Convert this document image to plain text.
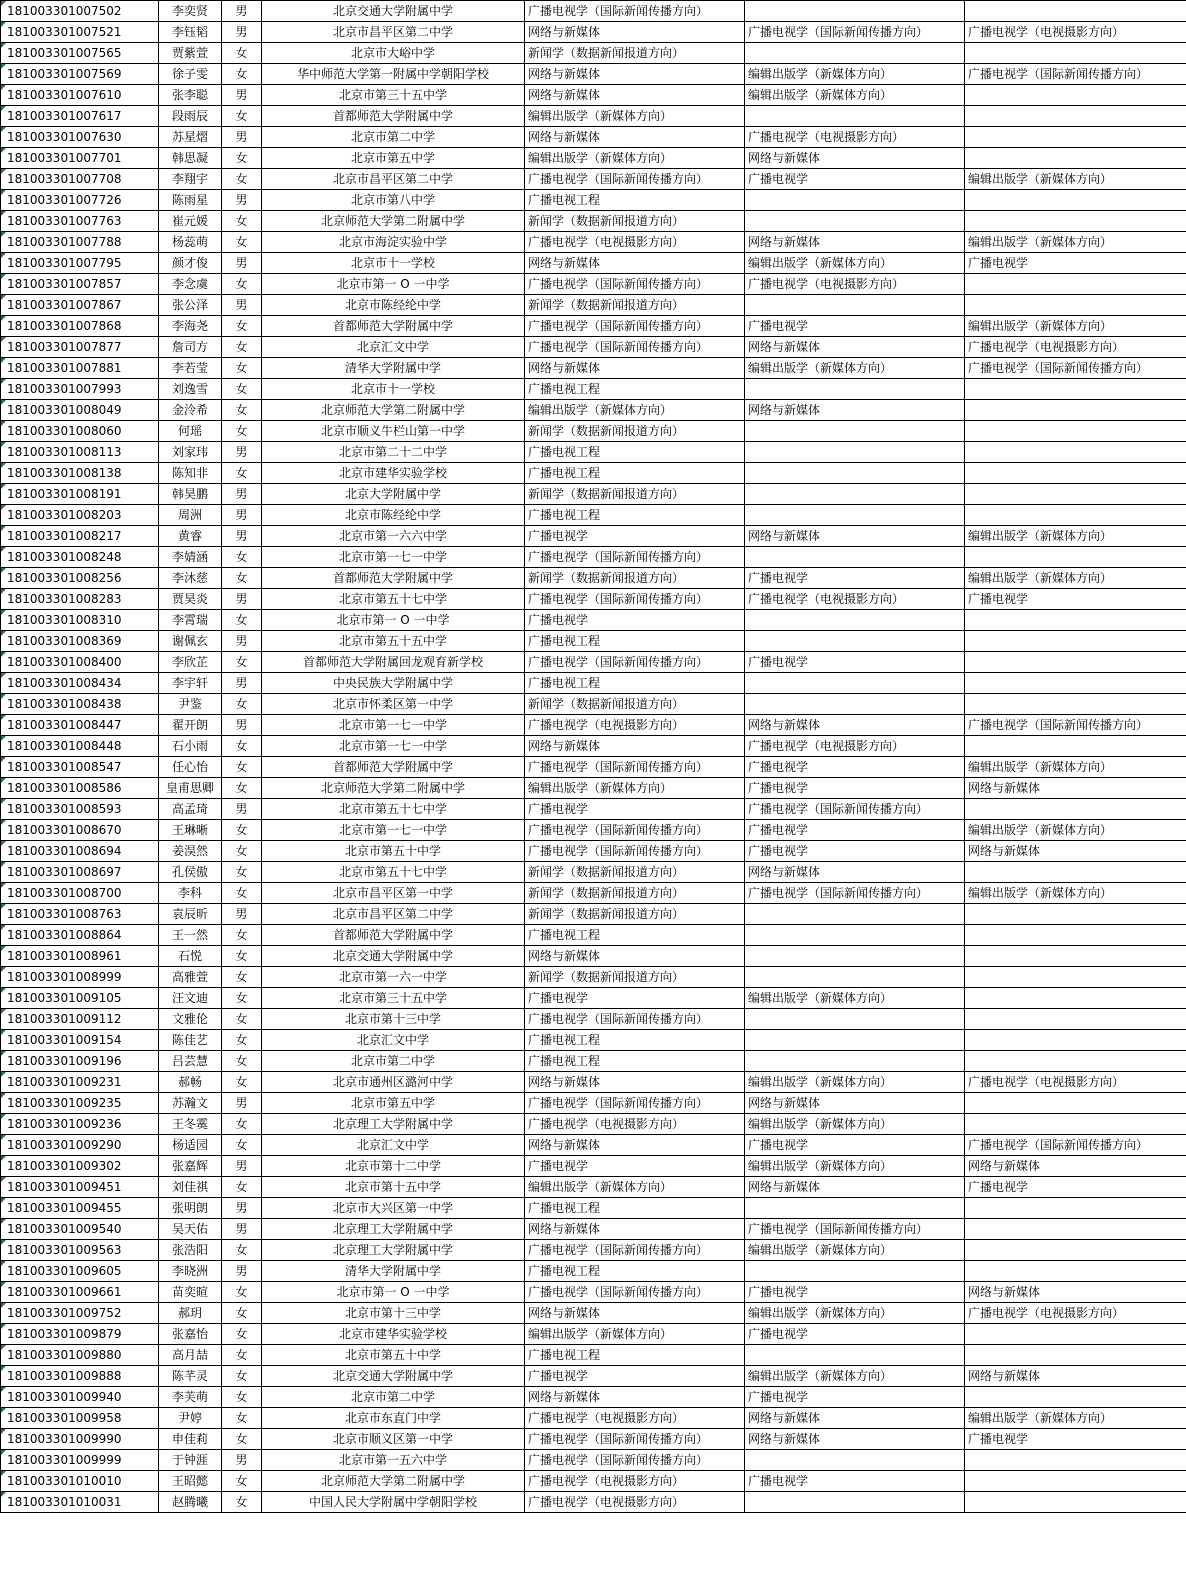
181003301007502	李奕贤	男	北京交通大学附属中学	广播电视学（国际新闻传播方向）		
181003301007521	李钰韬	男	北京市昌平区第二中学	网络与新媒体	广播电视学（国际新闻传播方向）	广播电视学（电视摄影方向）
181003301007565	贾紫萱	女	北京市大峪中学	新闻学（数据新闻报道方向）		
181003301007569	徐子雯	女	华中师范大学第一附属中学朝阳学校	网络与新媒体	编辑出版学（新媒体方向）	广播电视学（国际新闻传播方向）
181003301007610	张李聪	男	北京市第三十五中学	网络与新媒体	编辑出版学（新媒体方向）	
181003301007617	段雨辰	女	首都师范大学附属中学	编辑出版学（新媒体方向）		
181003301007630	苏星熠	男	北京市第二中学	网络与新媒体	广播电视学（电视摄影方向）	
181003301007701	韩思凝	女	北京市第五中学	编辑出版学（新媒体方向）	网络与新媒体	
181003301007708	李翔宇	女	北京市昌平区第二中学	广播电视学（国际新闻传播方向）	广播电视学	编辑出版学（新媒体方向）
181003301007726	陈雨星	男	北京市第八中学	广播电视工程		
181003301007763	崔元媛	女	北京师范大学第二附属中学	新闻学（数据新闻报道方向）		
181003301007788	杨蕊萌	女	北京市海淀实验中学	广播电视学（电视摄影方向）	网络与新媒体	编辑出版学（新媒体方向）
181003301007795	颜才俊	男	北京市十一学校	网络与新媒体	编辑出版学（新媒体方向）	广播电视学
181003301007857	李念虞	女	北京市第一 O 一中学	广播电视学（国际新闻传播方向）	广播电视学（电视摄影方向）	
181003301007867	张公泽	男	北京市陈经纶中学	新闻学（数据新闻报道方向）		
181003301007868	李海尧	女	首都师范大学附属中学	广播电视学（国际新闻传播方向）	广播电视学	编辑出版学（新媒体方向）
181003301007877	詹司方	女	北京汇文中学	广播电视学（国际新闻传播方向）	网络与新媒体	广播电视学（电视摄影方向）
181003301007881	李若莹	女	清华大学附属中学	网络与新媒体	编辑出版学（新媒体方向）	广播电视学（国际新闻传播方向）
181003301007993	刘逸雪	女	北京市十一学校	广播电视工程		
181003301008049	金泠希	女	北京师范大学第二附属中学	编辑出版学（新媒体方向）	网络与新媒体	
181003301008060	何瑶	女	北京市顺义牛栏山第一中学	新闻学（数据新闻报道方向）		
181003301008113	刘家玮	男	北京市第二十二中学	广播电视工程		
181003301008138	陈知非	女	北京市建华实验学校	广播电视工程		
181003301008191	韩昊鹏	男	北京大学附属中学	新闻学（数据新闻报道方向）		
181003301008203	周洲	男	北京市陈经纶中学	广播电视工程		
181003301008217	黄睿	男	北京市第一六六中学	广播电视学	网络与新媒体	编辑出版学（新媒体方向）
181003301008248	李婧涵	女	北京市第一七一中学	广播电视学（国际新闻传播方向）		
181003301008256	李沐慈	女	首都师范大学附属中学	新闻学（数据新闻报道方向）	广播电视学	编辑出版学（新媒体方向）
181003301008283	贾昊炎	男	北京市第五十七中学	广播电视学（国际新闻传播方向）	广播电视学（电视摄影方向）	广播电视学
181003301008310	李霄瑞	女	北京市第一 O 一中学	广播电视学		
181003301008369	谢佩玄	男	北京市第五十五中学	广播电视工程		
181003301008400	李欣芷	女	首都师范大学附属回龙观育新学校	广播电视学（国际新闻传播方向）	广播电视学	
181003301008434	李宇轩	男	中央民族大学附属中学	广播电视工程		
181003301008438	尹鉴	女	北京市怀柔区第一中学	新闻学（数据新闻报道方向）		
181003301008447	翟开朗	男	北京市第一七一中学	广播电视学（电视摄影方向）	网络与新媒体	广播电视学（国际新闻传播方向）
181003301008448	石小雨	女	北京市第一七一中学	网络与新媒体	广播电视学（电视摄影方向）	
181003301008547	任心怡	女	首都师范大学附属中学	广播电视学（国际新闻传播方向）	广播电视学	编辑出版学（新媒体方向）
181003301008586	皇甫思卿	女	北京师范大学第二附属中学	编辑出版学（新媒体方向）	广播电视学	网络与新媒体
181003301008593	高孟琦	男	北京市第五十七中学	广播电视学	广播电视学（国际新闻传播方向）	
181003301008670	王琳晰	女	北京市第一七一中学	广播电视学（国际新闻传播方向）	广播电视学	编辑出版学（新媒体方向）
181003301008694	姜淏然	女	北京市第五十中学	广播电视学（国际新闻传播方向）	广播电视学	网络与新媒体
181003301008697	孔侯傲	女	北京市第五十七中学	新闻学（数据新闻报道方向）	网络与新媒体	
181003301008700	李科	女	北京市昌平区第一中学	新闻学（数据新闻报道方向）	广播电视学（国际新闻传播方向）	编辑出版学（新媒体方向）
181003301008763	袁辰昕	男	北京市昌平区第二中学	新闻学（数据新闻报道方向）		
181003301008864	王一然	女	首都师范大学附属中学	广播电视工程		
181003301008961	石悦	女	北京交通大学附属中学	网络与新媒体		
181003301008999	高雅萱	女	北京市第一六一中学	新闻学（数据新闻报道方向）		
181003301009105	汪文迪	女	北京市第三十五中学	广播电视学	编辑出版学（新媒体方向）	
181003301009112	文雅伦	女	北京市第十三中学	广播电视学（国际新闻传播方向）		
181003301009154	陈佳艺	女	北京汇文中学	广播电视工程		
181003301009196	吕芸慧	女	北京市第二中学	广播电视工程		
181003301009231	郝畅	女	北京市通州区潞河中学	网络与新媒体	编辑出版学（新媒体方向）	广播电视学（电视摄影方向）
181003301009235	苏瀚文	男	北京市第五中学	广播电视学（国际新闻传播方向）	网络与新媒体	
181003301009236	王冬霙	女	北京理工大学附属中学	广播电视学（电视摄影方向）	编辑出版学（新媒体方向）	
181003301009290	杨适园	女	北京汇文中学	网络与新媒体	广播电视学	广播电视学（国际新闻传播方向）
181003301009302	张嘉辉	男	北京市第十二中学	广播电视学	编辑出版学（新媒体方向）	网络与新媒体
181003301009451	刘佳祺	女	北京市第十五中学	编辑出版学（新媒体方向）	网络与新媒体	广播电视学
181003301009455	张明朗	男	北京市大兴区第一中学	广播电视工程		
181003301009540	吴天佑	男	北京理工大学附属中学	网络与新媒体	广播电视学（国际新闻传播方向）	
181003301009563	张浩阳	女	北京理工大学附属中学	广播电视学（国际新闻传播方向）	编辑出版学（新媒体方向）	
181003301009605	李晓洲	男	清华大学附属中学	广播电视工程		
181003301009661	苗奕暄	女	北京市第一 O 一中学	广播电视学（国际新闻传播方向）	广播电视学	网络与新媒体
181003301009752	郝玥	女	北京市第十三中学	网络与新媒体	编辑出版学（新媒体方向）	广播电视学（电视摄影方向）
181003301009879	张嘉怡	女	北京市建华实验学校	编辑出版学（新媒体方向）	广播电视学	
181003301009880	高月喆	女	北京市第五十中学	广播电视工程		
181003301009888	陈芊灵	女	北京交通大学附属中学	广播电视学	编辑出版学（新媒体方向）	网络与新媒体
181003301009940	李芙萌	女	北京市第二中学	网络与新媒体	广播电视学	
181003301009958	尹婷	女	北京市东直门中学	广播电视学（电视摄影方向）	网络与新媒体	编辑出版学（新媒体方向）
181003301009990	申佳莉	女	北京市顺义区第一中学	广播电视学（国际新闻传播方向）	网络与新媒体	广播电视学
181003301009999	于钟涯	男	北京市第一五六中学	广播电视学（国际新闻传播方向）		
181003301010010	王昭懿	女	北京师范大学第二附属中学	广播电视学（电视摄影方向）	广播电视学	
181003301010031	赵腾曦	女	中国人民大学附属中学朝阳学校	广播电视学（电视摄影方向）		
